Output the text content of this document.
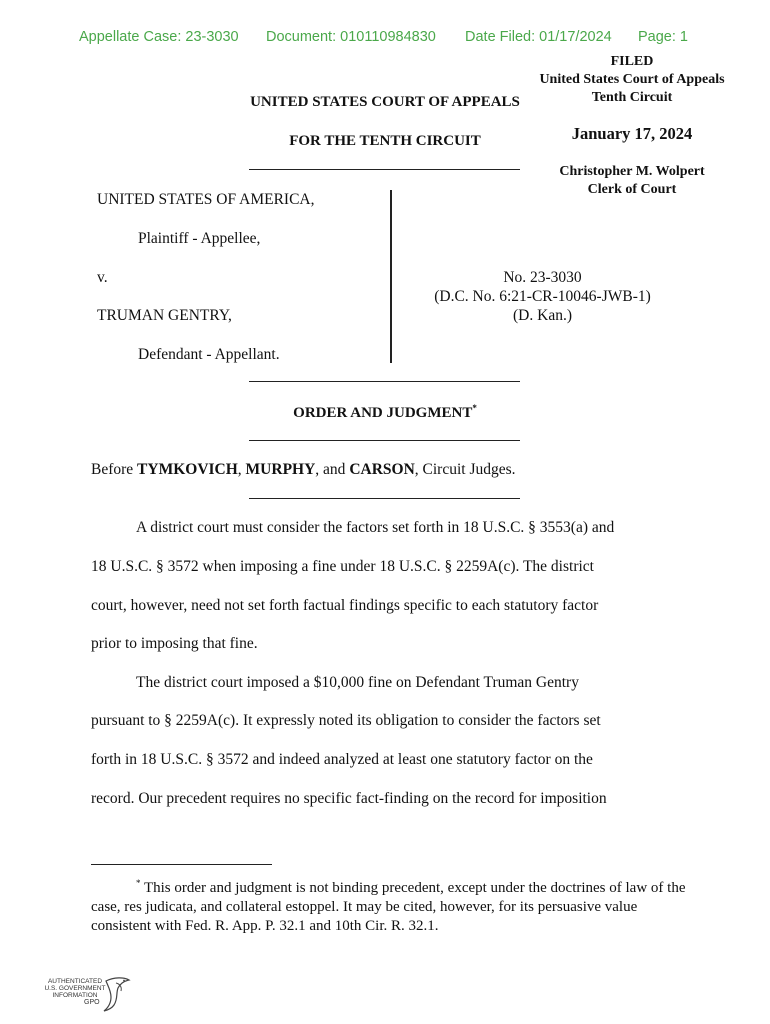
Appellate Case: 23-3030 Document: 010110984830 Date Filed: 01/17/2024 Page: 1
FILED
United States Court of Appeals
Tenth Circuit
January 17, 2024
Christopher M. Wolpert
Clerk of Court
UNITED STATES COURT OF APPEALS
FOR THE TENTH CIRCUIT
UNITED STATES OF AMERICA,
Plaintiff - Appellee,
v.
TRUMAN GENTRY,
Defendant - Appellant.
No. 23-3030
(D.C. No. 6:21-CR-10046-JWB-1)
(D. Kan.)
ORDER AND JUDGMENT*
Before TYMKOVICH, MURPHY, and CARSON, Circuit Judges.
A district court must consider the factors set forth in 18 U.S.C. § 3553(a) and
18 U.S.C. § 3572 when imposing a fine under 18 U.S.C. § 2259A(c). The district
court, however, need not set forth factual findings specific to each statutory factor
prior to imposing that fine.
The district court imposed a $10,000 fine on Defendant Truman Gentry
pursuant to § 2259A(c). It expressly noted its obligation to consider the factors set
forth in 18 U.S.C. § 3572 and indeed analyzed at least one statutory factor on the
record. Our precedent requires no specific fact-finding on the record for imposition
* This order and judgment is not binding precedent, except under the doctrines of law of the case, res judicata, and collateral estoppel. It may be cited, however, for its persuasive value consistent with Fed. R. App. P. 32.1 and 10th Cir. R. 32.1.
AUTHENTICATED
U.S. GOVERNMENT
INFORMATION
GPO
